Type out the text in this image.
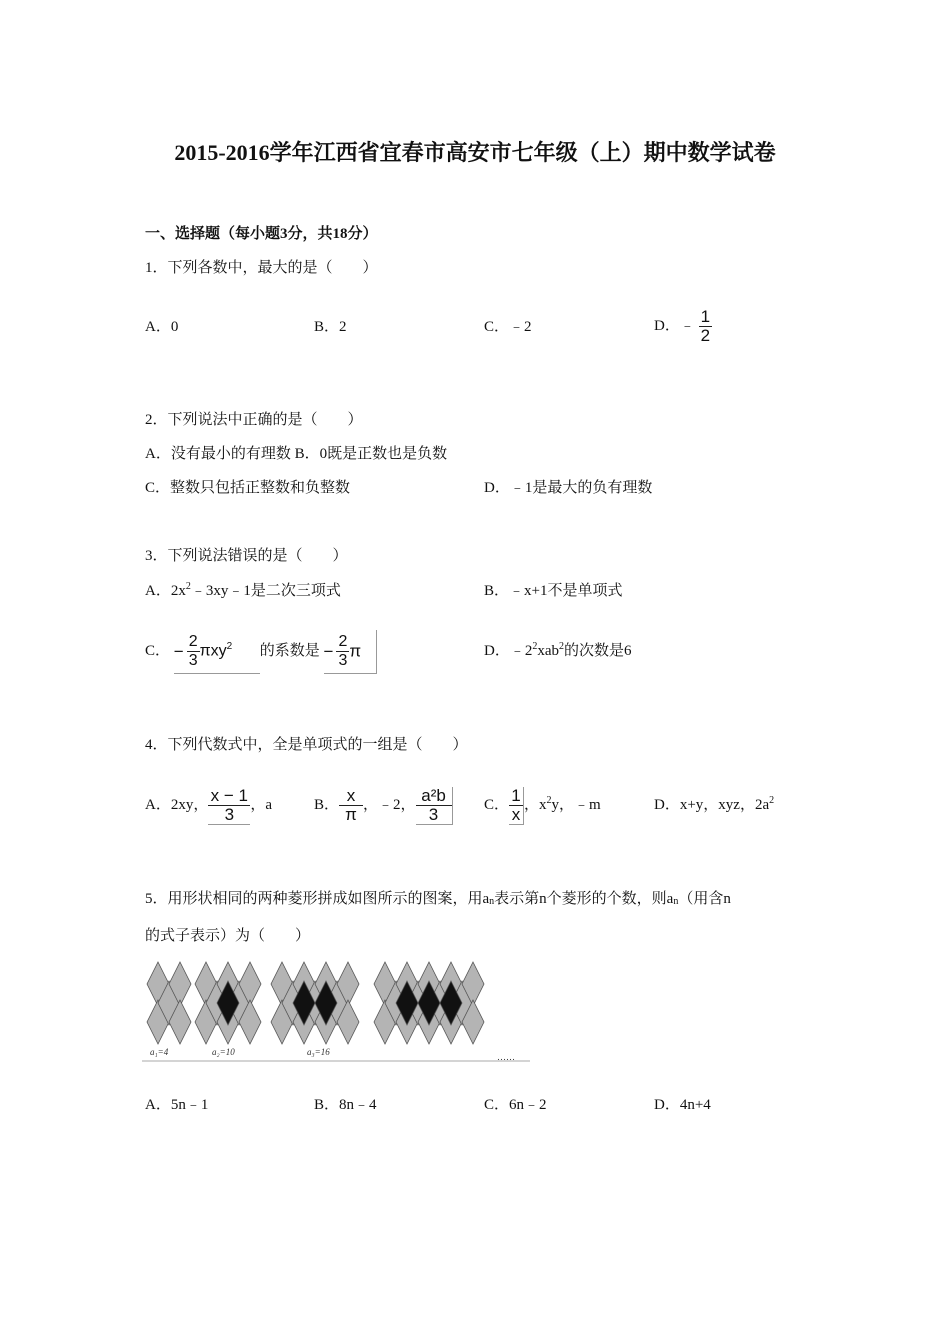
2015-2016学年江西省宜春市高安市七年级（上）期中数学试卷
一、选择题（每小题3分，共18分）
1．下列各数中，最大的是（　　）
A．0	B．2	C．﹣2	D．﹣ $\frac{1}{2}$
2．下列说法中正确的是（　　）
A．没有最小的有理数 B．0既是正数也是负数
C．整数只包括正整数和负整数	D．﹣1是最大的负有理数
3．下列说法错误的是（　　）
A．$2x^2﹣3xy﹣1$是二次三项式	B．﹣x+1不是单项式
C． − $\frac{2}{3} \pi xy^2$ 的系数是 − $\frac{2}{3}$ π	D．$﹣2^2xab^2$的次数是6
4．下列代数式中，全是单项式的一组是（　　）
A．2xy， $\frac{x - 1}{3}$ ，a	B． $\frac{x}{\pi}$ ，﹣2， $\frac{\text{a²b}}{3}$ C． $\frac{1}{x}$ ，$x^2y$，﹣m	D．x+y，xyz，$2a^2$
5．用形状相同的两种菱形拼成如图所示的图案，用$a_n$表示第n个菱形的个数，则$a_n$（用含n
的式子表示）为（　　）
a₁=4	a₂=10	a₃=16	……
A．5n﹣1	B．8n﹣4	C．6n﹣2	D．4n+4
